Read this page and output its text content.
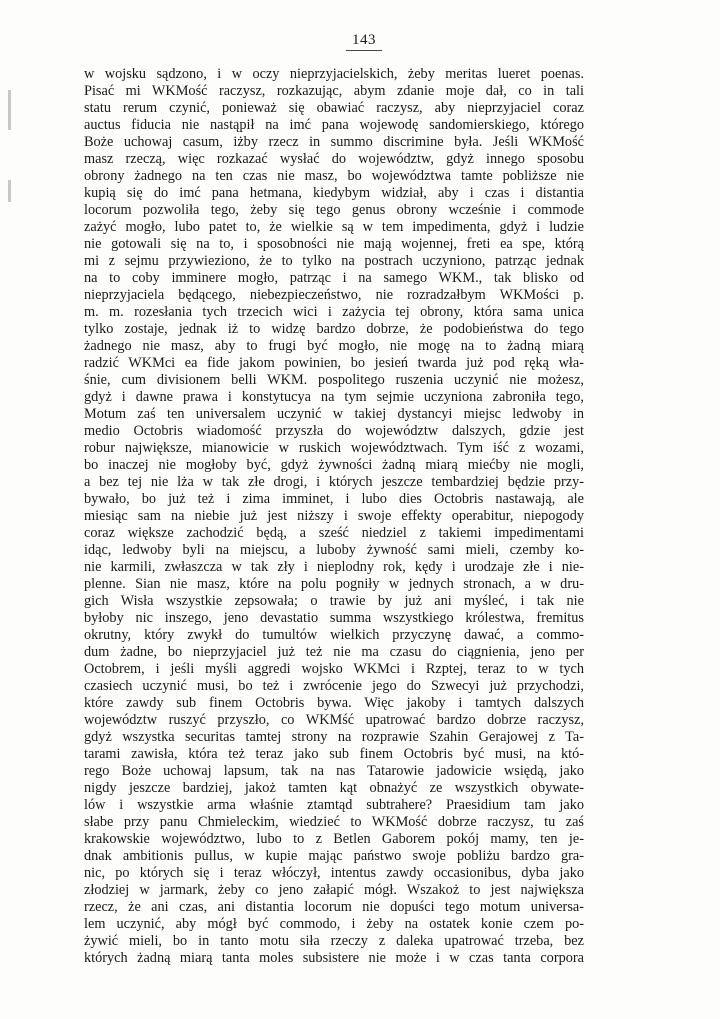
143
w wojsku sądzono, i w oczy nieprzyjacielskich, żeby meritas lueret poenas.
Pisać mi WKMość raczysz, rozkazując, abym zdanie moje dał, co in tali
statu rerum czynić, ponieważ się obawiać raczysz, aby nieprzyjaciel coraz
auctus fiducia nie nastąpił na imć pana wojewodę sandomierskiego, którego
Boże uchowaj casum, iżby rzecz in summo discrimine była. Jeśli WKMość
masz rzeczą, więc rozkazać wysłać do województw, gdyż innego sposobu
obrony żadnego na ten czas nie masz, bo województwa tamte pobliższe nie
kupią się do imć pana hetmana, kiedybym widział, aby i czas i distantia
locorum pozwoliła tego, żeby się tego genus obrony wcześnie i commode
zażyć mogło, lubo patet to, że wielkie są w tem impedimenta, gdyż i ludzie
nie gotowali się na to, i sposobności nie mają wojennej, freti ea spe, którą
mi z sejmu przywieziono, że to tylko na postrach uczyniono, patrząc jednak
na to coby imminere mogło, patrząc i na samego WKM., tak blisko od
nieprzyjaciela będącego, niebezpieczeństwo, nie rozradzałbym WKMości p.
m. m. rozesłania tych trzecich wici i zażycia tej obrony, która sama unica
tylko zostaje, jednak iż to widzę bardzo dobrze, że podobieństwa do tego
żadnego nie masz, aby to frugi być mogło, nie mogę na to żadną miarą
radzić WKMci ea fide jakom powinien, bo jesień twarda już pod ręką wła-
śnie, cum divisionem belli WKM. pospolitego ruszenia uczynić nie możesz,
gdyż i dawne prawa i konstytucya na tym sejmie uczyniona zabroniła tego,
Motum zaś ten universalem uczynić w takiej dystancyi miejsc ledwoby in
medio Octobris wiadomość przyszła do województw dalszych, gdzie jest
robur największe, mianowicie w ruskich województwach. Tym iść z wozami,
bo inaczej nie mogłoby być, gdyż żywności żadną miarą miećby nie mogli,
a bez tej nie lża w tak złe drogi, i których jeszcze tembardziej będzie przy-
bywało, bo już też i zima imminet, i lubo dies Octobris nastawają, ale
miesiąc sam na niebie już jest niższy i swoje effekty operabitur, niepogody
coraz większe zachodzić będą, a sześć niedziel z takiemi impedimentami
idąc, ledwoby byli na miejscu, a luboby żywność sami mieli, czemby ko-
nie karmili, zwłaszcza w tak zły i nieplodny rok, kędy i urodzaje złe i nie-
plenne. Sian nie masz, które na polu pogniły w jednych stronach, a w dru-
gich Wisła wszystkie zepsowała; o trawie by już ani myśleć, i tak nie
byłoby nic inszego, jeno devastatio summa wszystkiego królestwa, fremitus
okrutny, który zwykł do tumultów wielkich przyczynę dawać, a commo-
dum żadne, bo nieprzyjaciel już też nie ma czasu do ciągnienia, jeno per
Octobrem, i jeśli myśli aggredi wojsko WKMci i Rzptej, teraz to w tych
czasiech uczynić musi, bo też i zwrócenie jego do Szwecyi już przychodzi,
które zawdy sub finem Octobris bywa. Więc jakoby i tamtych dalszych
województw ruszyć przyszło, co WKMść upatrować bardzo dobrze raczysz,
gdyż wszystka securitas tamtej strony na rozprawie Szahin Gerajowej z Ta-
tarami zawisła, która też teraz jako sub finem Octobris być musi, na któ-
rego Boże uchowaj lapsum, tak na nas Tatarowie jadowicie wsiędą, jako
nigdy jeszcze bardziej, jakoż tamten kąt obnażyć ze wszystkich obywate-
lów i wszystkie arma właśnie ztamtąd subtrahere? Praesidium tam jako
słabe przy panu Chmieleckim, wiedzieć to WKMość dobrze raczysz, tu zaś
krakowskie województwo, lubo to z Betlen Gaborem pokój mamy, ten je-
dnak ambitionis pullus, w kupie mając państwo swoje pobliżu bardzo gra-
nic, po których się i teraz włóczył, intentus zawdy occasionibus, dyba jako
złodziej w jarmark, żeby co jeno załapić mógł. Wszakoż to jest największa
rzecz, że ani czas, ani distantia locorum nie dopuści tego motum universa-
lem uczynić, aby mógł być commodo, i żeby na ostatek konie czem po-
żywić mieli, bo in tanto motu siła rzeczy z daleka upatrować trzeba, bez
których żadną miarą tanta moles subsistere nie może i w czas tanta corpora
